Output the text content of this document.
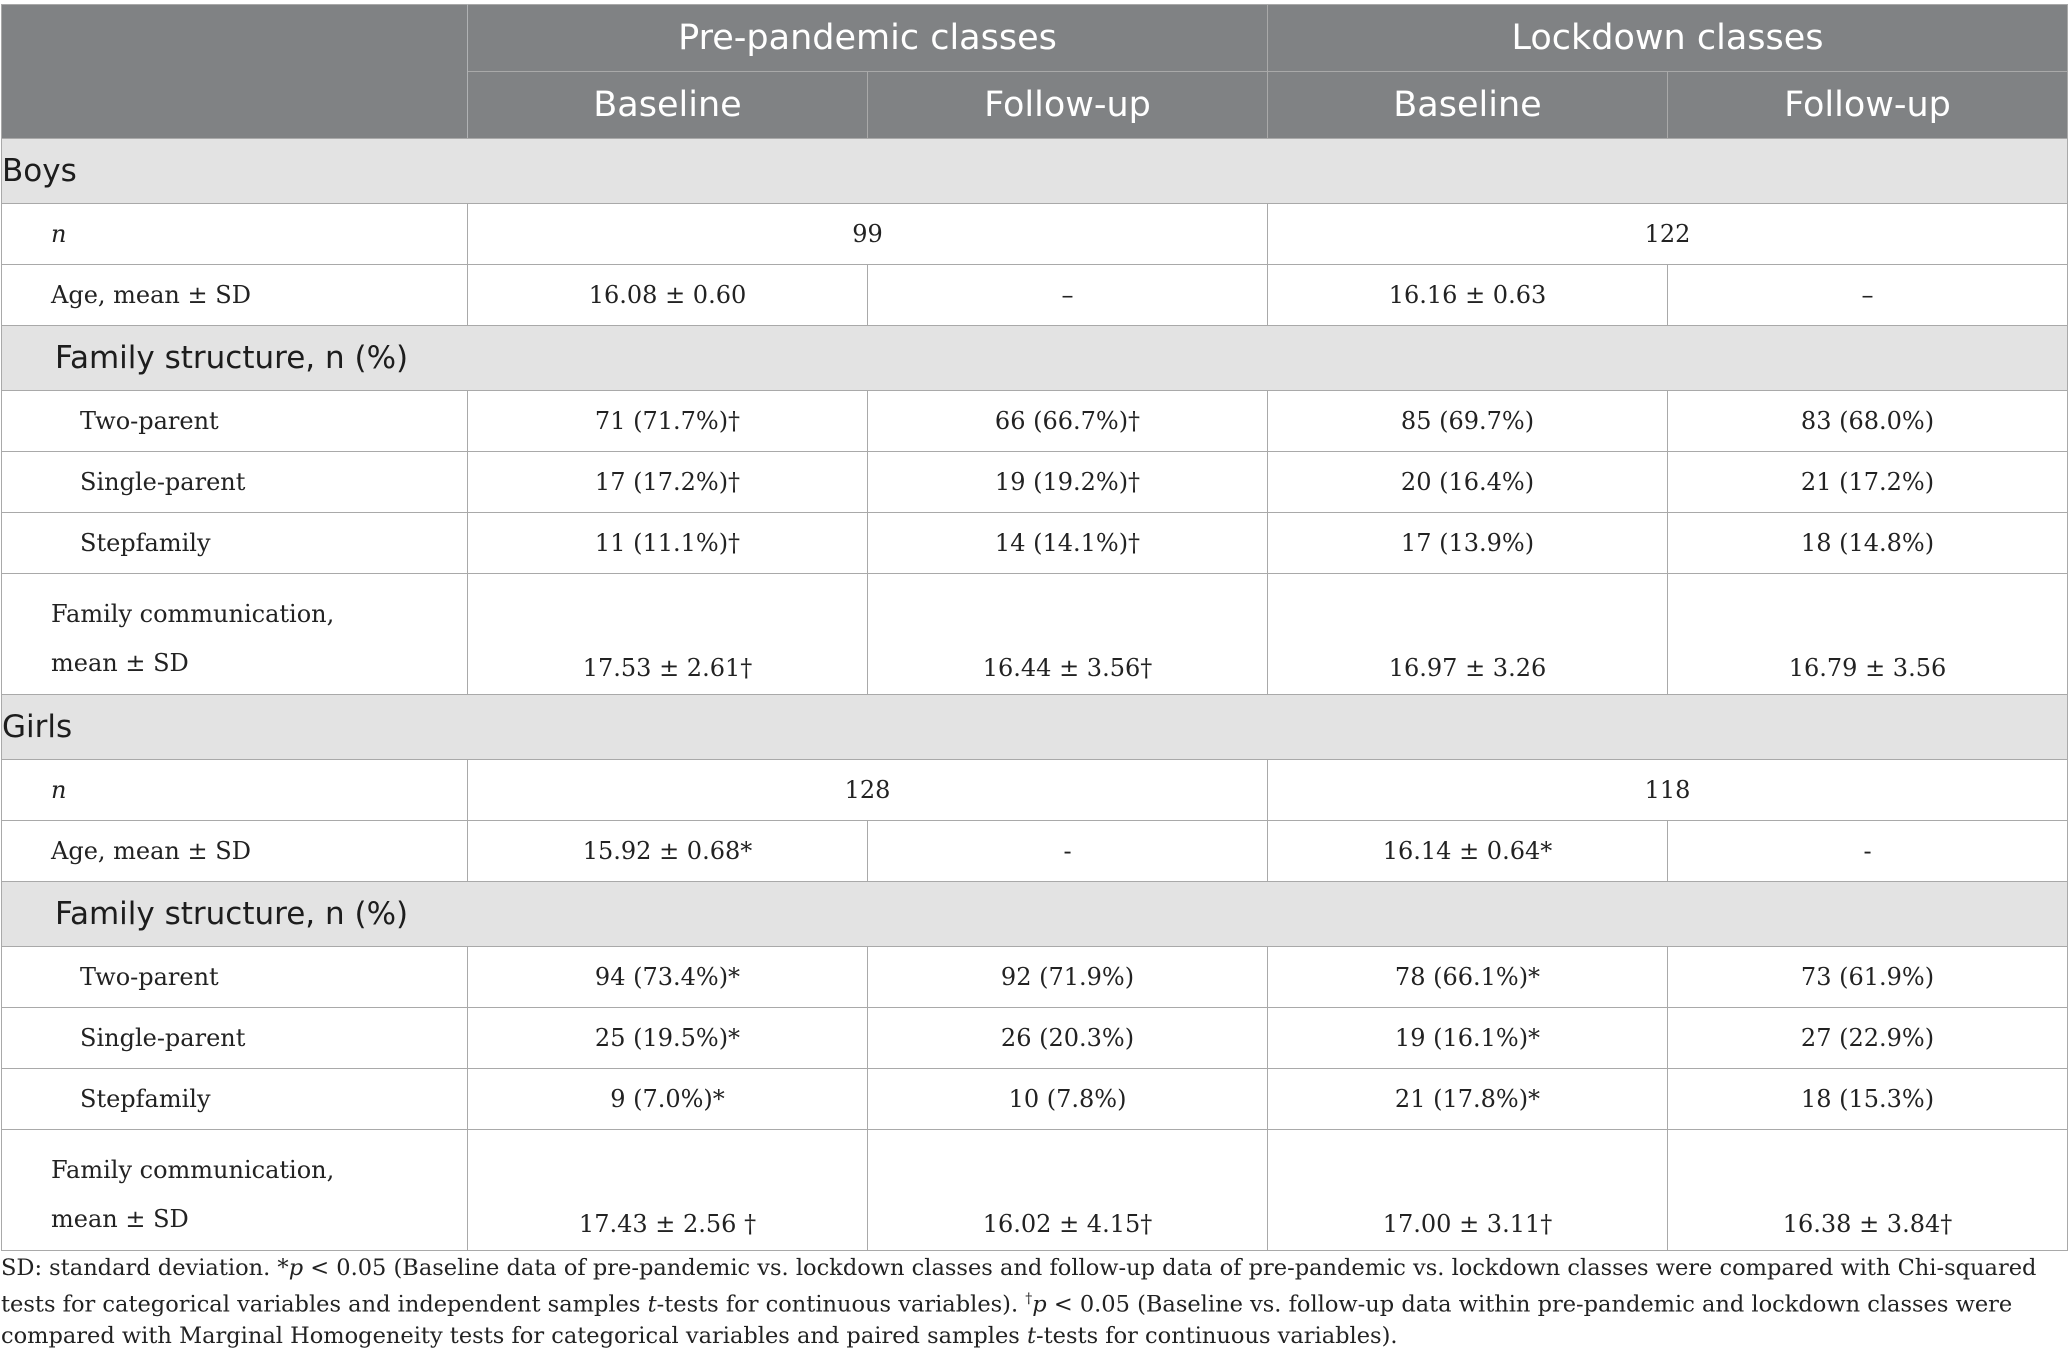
	Pre-pandemic classes		Lockdown classes	
	Baseline	Follow-up	Baseline	Follow-up
Boys				
n	99		122	
Age, mean ± SD	16.08 ± 0.60	–	16.16 ± 0.63	–
Family structure, n (%)				
Two-parent	71 (71.7%)†	66 (66.7%)†	85 (69.7%)	83 (68.0%)
Single-parent	17 (17.2%)†	19 (19.2%)†	20 (16.4%)	21 (17.2%)
Stepfamily	11 (11.1%)†	14 (14.1%)†	17 (13.9%)	18 (14.8%)
Family communication,
mean ± SD	17.53 ± 2.61†	16.44 ± 3.56†	16.97 ± 3.26	16.79 ± 3.56
Girls				
n	128		118	
Age, mean ± SD	15.92 ± 0.68*	-	16.14 ± 0.64*	-
Family structure, n (%)				
Two-parent	94 (73.4%)*	92 (71.9%)	78 (66.1%)*	73 (61.9%)
Single-parent	25 (19.5%)*	26 (20.3%)	19 (16.1%)*	27 (22.9%)
Stepfamily	9 (7.0%)*	10 (7.8%)	21 (17.8%)*	18 (15.3%)
Family communication,
mean ± SD	17.43 ± 2.56 †	16.02 ± 4.15†	17.00 ± 3.11†	16.38 ± 3.84†
SD: standard deviation. *p < 0.05 (Baseline data of pre-pandemic vs. lockdown classes and follow-up data of pre-pandemic vs. lockdown classes were compared with Chi-squared tests for categorical variables and independent samples t-tests for continuous variables). †p < 0.05 (Baseline vs. follow-up data within pre-pandemic and lockdown classes were compared with Marginal Homogeneity tests for categorical variables and paired samples t-tests for continuous variables).
